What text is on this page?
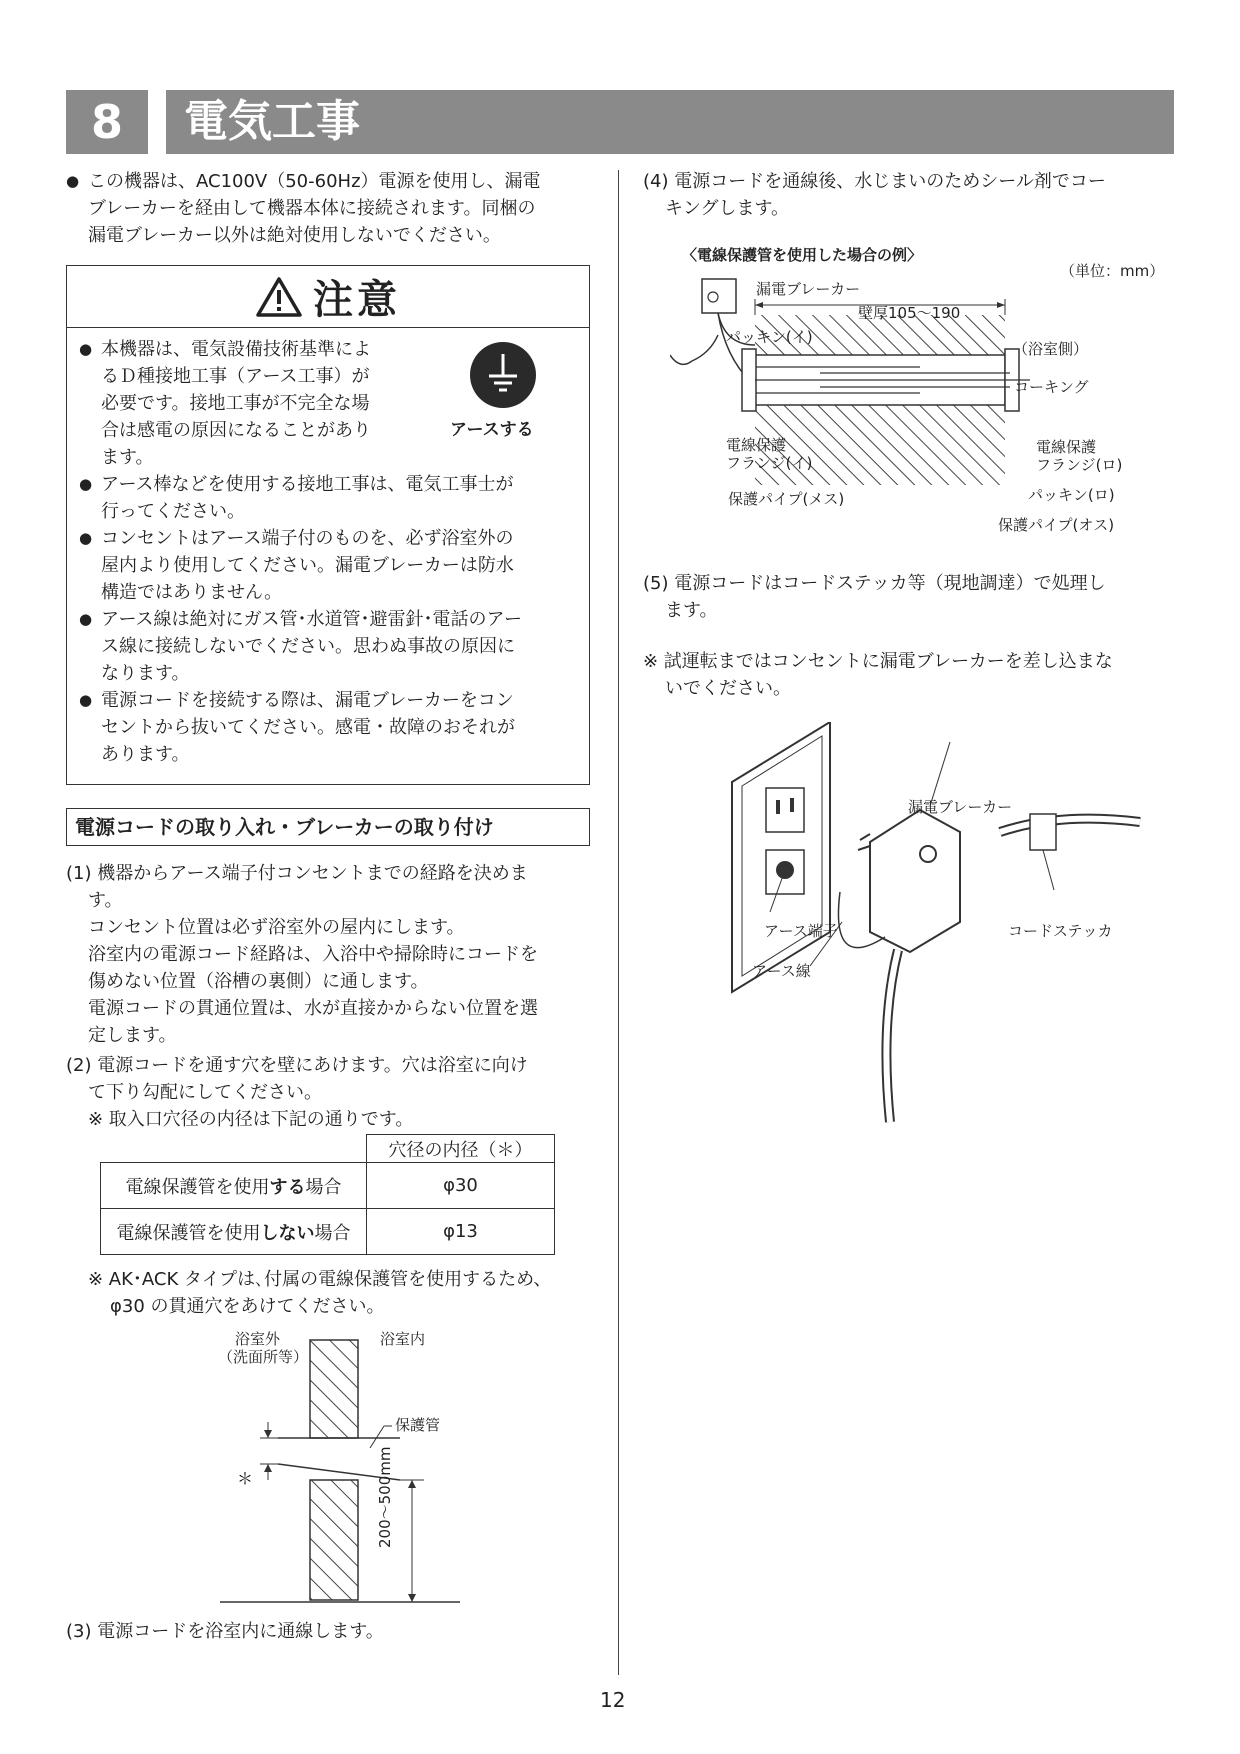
8	電気工事
● この機器は、AC100V（50-60Hz）電源を使用し、漏電
ブレーカーを経由して機器本体に接続されます。同梱の
漏電ブレーカー以外は絶対使用しないでください。
注意
● 本機器は、電気設備技術基準によ
るＤ種接地工事（アース工事）が
必要です。接地工事が不完全な場
合は感電の原因になることがあり
ます。
● アース棒などを使用する接地工事は、電気工事士が
行ってください。
● コンセントはアース端子付のものを、必ず浴室外の
屋内より使用してください。漏電ブレーカーは防水
構造ではありません。
● アース線は絶対にガス管･水道管･避雷針･電話のアー
ス線に接続しないでください。思わぬ事故の原因に
なります。
● 電源コードを接続する際は、漏電ブレーカーをコン
セントから抜いてください。感電・故障のおそれが
あります。
アースする
電源コードの取り入れ・ブレーカーの取り付け
(1) 機器からアース端子付コンセントまでの経路を決めま
す。
コンセント位置は必ず浴室外の屋内にします。
浴室内の電源コード経路は、入浴中や掃除時にコードを
傷めない位置（浴槽の裏側）に通します。
電源コードの貫通位置は、水が直接かからない位置を選
定します。
(2) 電源コードを通す穴を壁にあけます。穴は浴室に向け
て下り勾配にしてください。
※ 取入口穴径の内径は下記の通りです。
	穴径の内径（＊）
電線保護管を使用する場合	φ30
電線保護管を使用しない場合	φ13
※ AK･ACK タイプは､付属の電線保護管を使用するため、
φ30 の貫通穴をあけてください。
＊
浴室外
（洗面所等）
浴室内
保護管
200〜500mm
(3) 電源コードを浴室内に通線します。
(4) 電源コードを通線後、水じまいのためシール剤でコー
キングします。
〈電線保護管を使用した場合の例〉
（単位：mm）
漏電ブレーカー
壁厚105〜190
パッキン(イ)
（浴室側）
コーキング
電線保護
フランジ(イ)
電線保護
フランジ(ロ)
保護パイプ(メス)	パッキン(ロ)
保護パイプ(オス)
(5) 電源コードはコードステッカ等（現地調達）で処理し
ます。
※ 試運転まではコンセントに漏電ブレーカーを差し込まな
いでください。
漏電ブレーカー
アース端子
アース線
コードステッカ
12
